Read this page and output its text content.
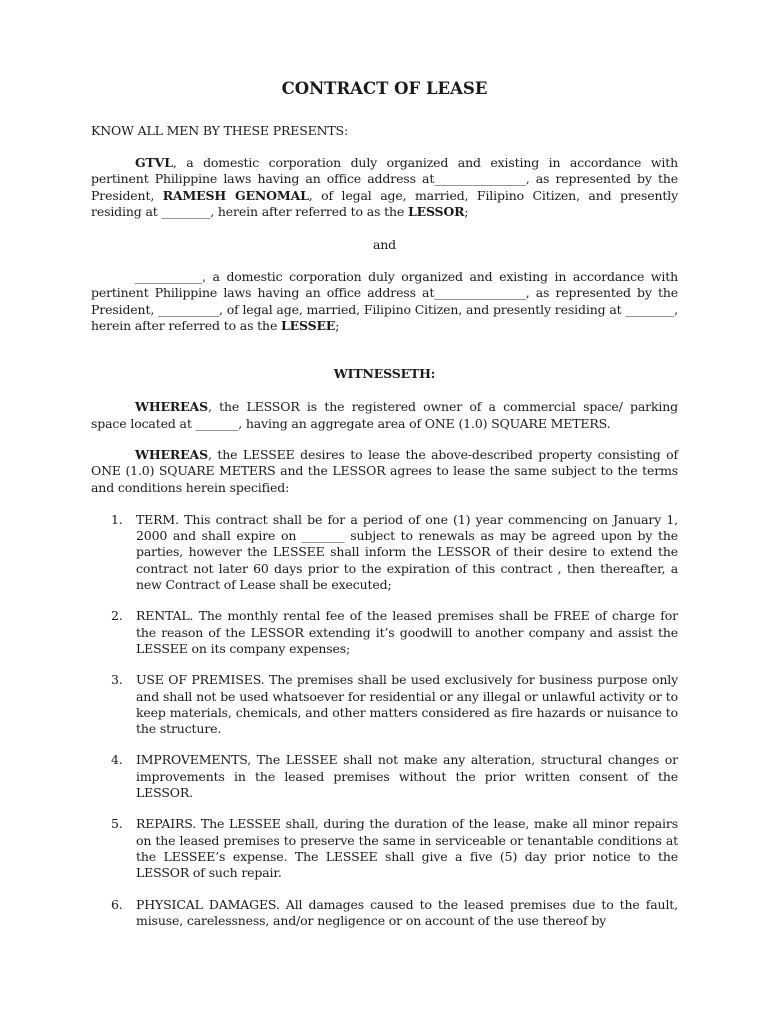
CONTRACT OF LEASE

KNOW ALL MEN BY THESE PRESENTS:

GTVL, a domestic corporation duly organized and existing in accordance with pertinent Philippine laws having an office address at_______________, as represented by the President, RAMESH GENOMAL, of legal age, married, Filipino Citizen, and presently residing at ________, herein after referred to as the LESSOR;

and

___________, a domestic corporation duly organized and existing in accordance with pertinent Philippine laws having an office address at_______________, as represented by the President, __________, of legal age, married, Filipino Citizen, and presently residing at ________, herein after referred to as the LESSEE;

WITNESSETH:

WHEREAS, the LESSOR is the registered owner of a commercial space/ parking space located at _______, having an aggregate area of ONE (1.0) SQUARE METERS.

WHEREAS, the LESSEE desires to lease the above-described property consisting of ONE (1.0) SQUARE METERS and the LESSOR agrees to lease the same subject to the terms and conditions herein specified:

1. TERM. This contract shall be for a period of one (1) year commencing on January 1, 2000 and shall expire on _______ subject to renewals as may be agreed upon by the parties, however the LESSEE shall inform the LESSOR of their desire to extend the contract not later 60 days prior to the expiration of this contract , then thereafter, a new Contract of Lease shall be executed;
2. RENTAL. The monthly rental fee of the leased premises shall be FREE of charge for the reason of the LESSOR extending it’s goodwill to another company and assist the LESSEE on its company expenses;
3. USE OF PREMISES. The premises shall be used exclusively for business purpose only and shall not be used whatsoever for residential or any illegal or unlawful activity or to keep materials, chemicals, and other matters considered as fire hazards or nuisance to the structure.
4. IMPROVEMENTS, The LESSEE shall not make any alteration, structural changes or improvements in the leased premises without the prior written consent of the LESSOR.
5. REPAIRS. The LESSEE shall, during the duration of the lease, make all minor repairs on the leased premises to preserve the same in serviceable or tenantable conditions at the LESSEE’s expense. The LESSEE shall give a five (5) day prior notice to the LESSOR of such repair.
6. PHYSICAL DAMAGES. All damages caused to the leased premises due to the fault, misuse, carelessness, and/or negligence or on account of the use thereof by
